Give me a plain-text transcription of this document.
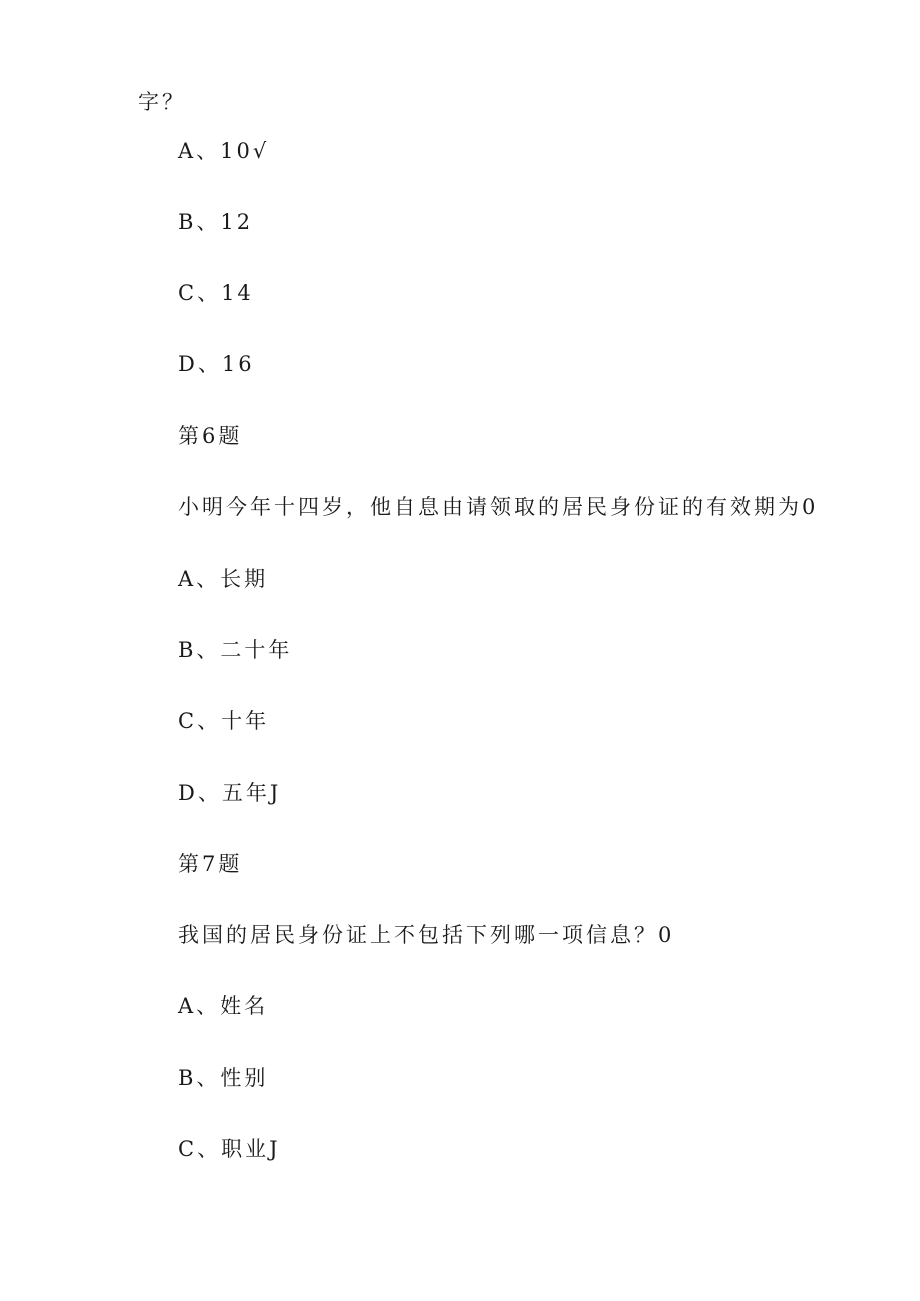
字？
A、10√
B、12
C、14
D、16
第6题
小明今年十四岁，他自息由请领取的居民身份证的有效期为0
A、长期
B、二十年
C、十年
D、五年J
第7题
我国的居民身份证上不包括下列哪一项信息？0
A、姓名
B、性别
C、职业J
